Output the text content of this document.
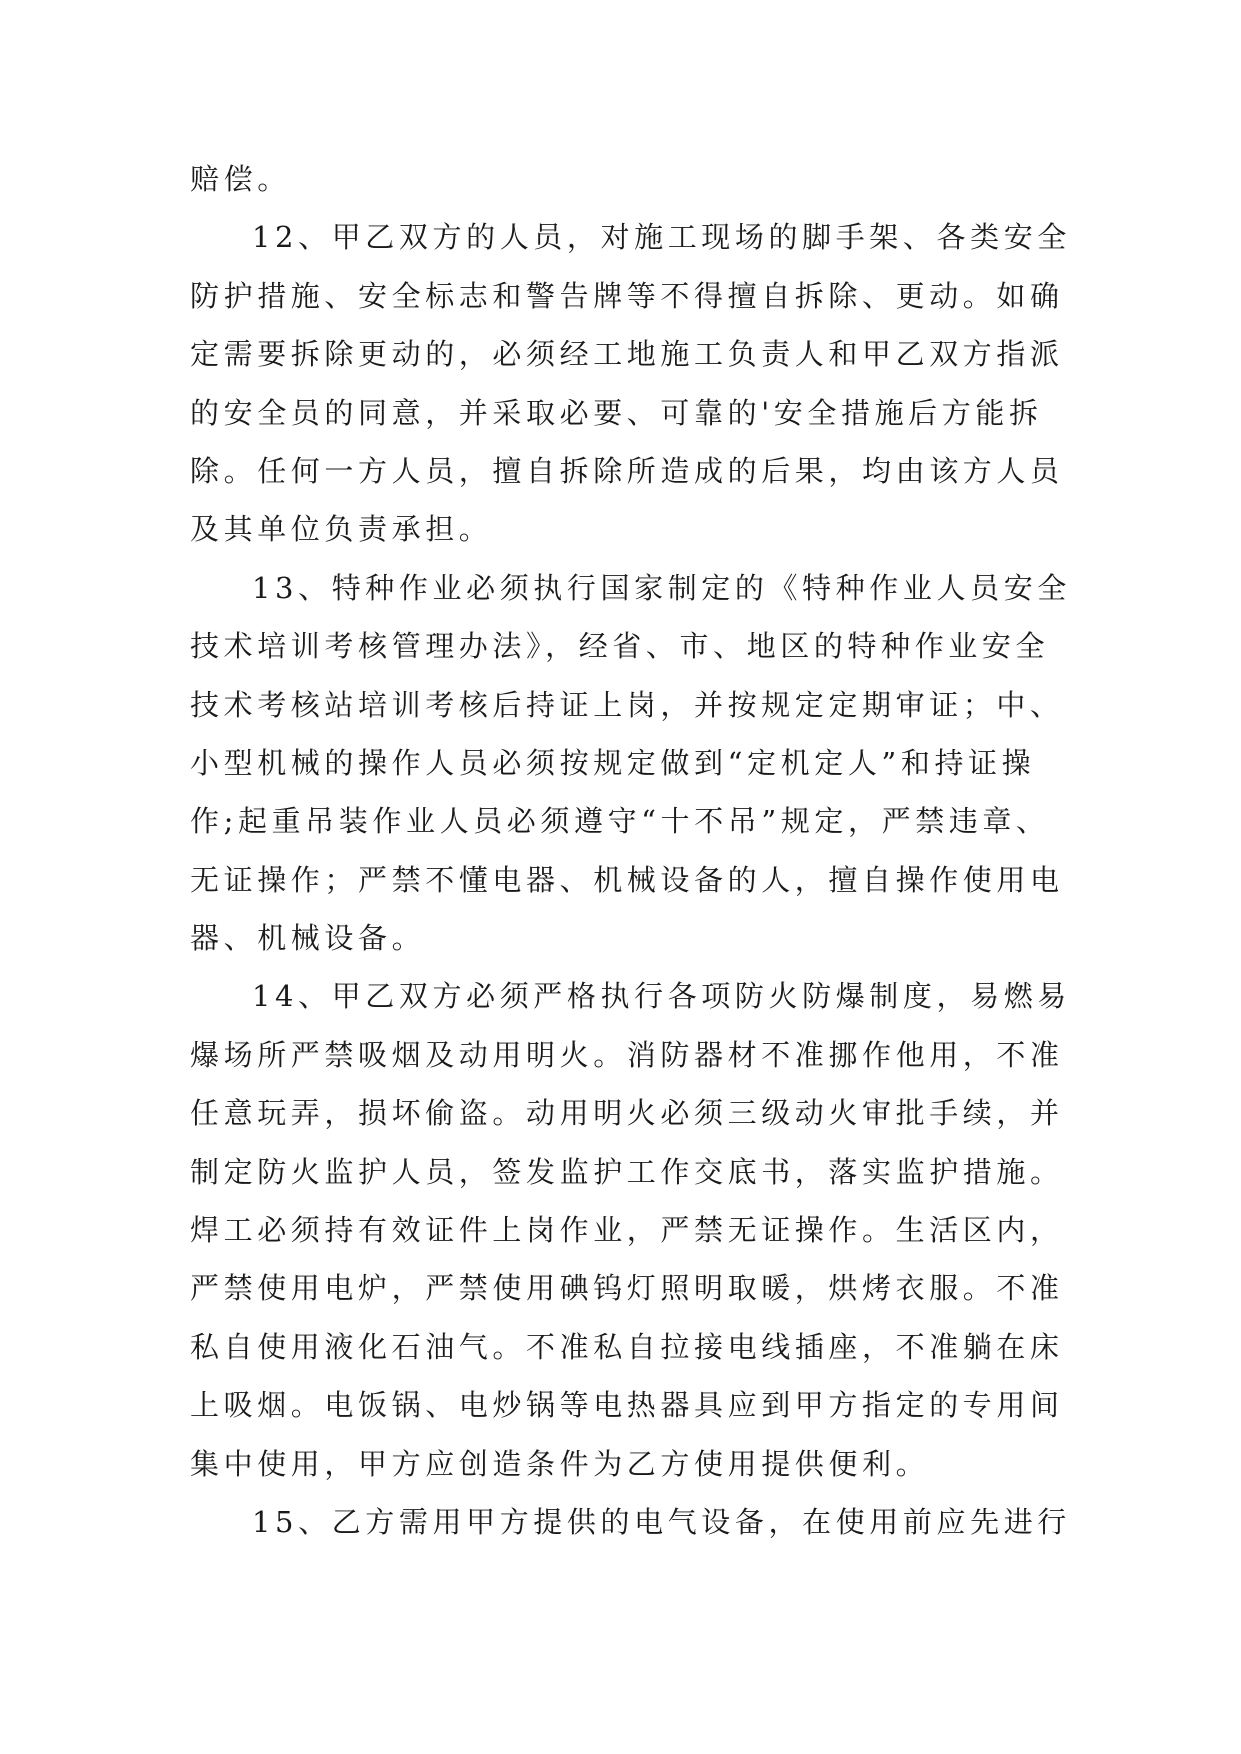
赔偿。
12、甲乙双方的人员，对施工现场的脚手架、各类安全
防护措施、安全标志和警告牌等不得擅自拆除、更动。如确
定需要拆除更动的，必须经工地施工负责人和甲乙双方指派
的安全员的同意，并采取必要、可靠的'安全措施后方能拆
除。任何一方人员，擅自拆除所造成的后果，均由该方人员
及其单位负责承担。
13、特种作业必须执行国家制定的《特种作业人员安全
技术培训考核管理办法》，经省、市、地区的特种作业安全
技术考核站培训考核后持证上岗，并按规定定期审证；中、
小型机械的操作人员必须按规定做到“定机定人”和持证操
作;起重吊装作业人员必须遵守“十不吊”规定，严禁违章、
无证操作；严禁不懂电器、机械设备的人，擅自操作使用电
器、机械设备。
14、甲乙双方必须严格执行各项防火防爆制度，易燃易
爆场所严禁吸烟及动用明火。消防器材不准挪作他用，不准
任意玩弄，损坏偷盗。动用明火必须三级动火审批手续，并
制定防火监护人员，签发监护工作交底书，落实监护措施。
焊工必须持有效证件上岗作业，严禁无证操作。生活区内，
严禁使用电炉，严禁使用碘钨灯照明取暖，烘烤衣服。不准
私自使用液化石油气。不准私自拉接电线插座，不准躺在床
上吸烟。电饭锅、电炒锅等电热器具应到甲方指定的专用间
集中使用，甲方应创造条件为乙方使用提供便利。
15、乙方需用甲方提供的电气设备，在使用前应先进行
